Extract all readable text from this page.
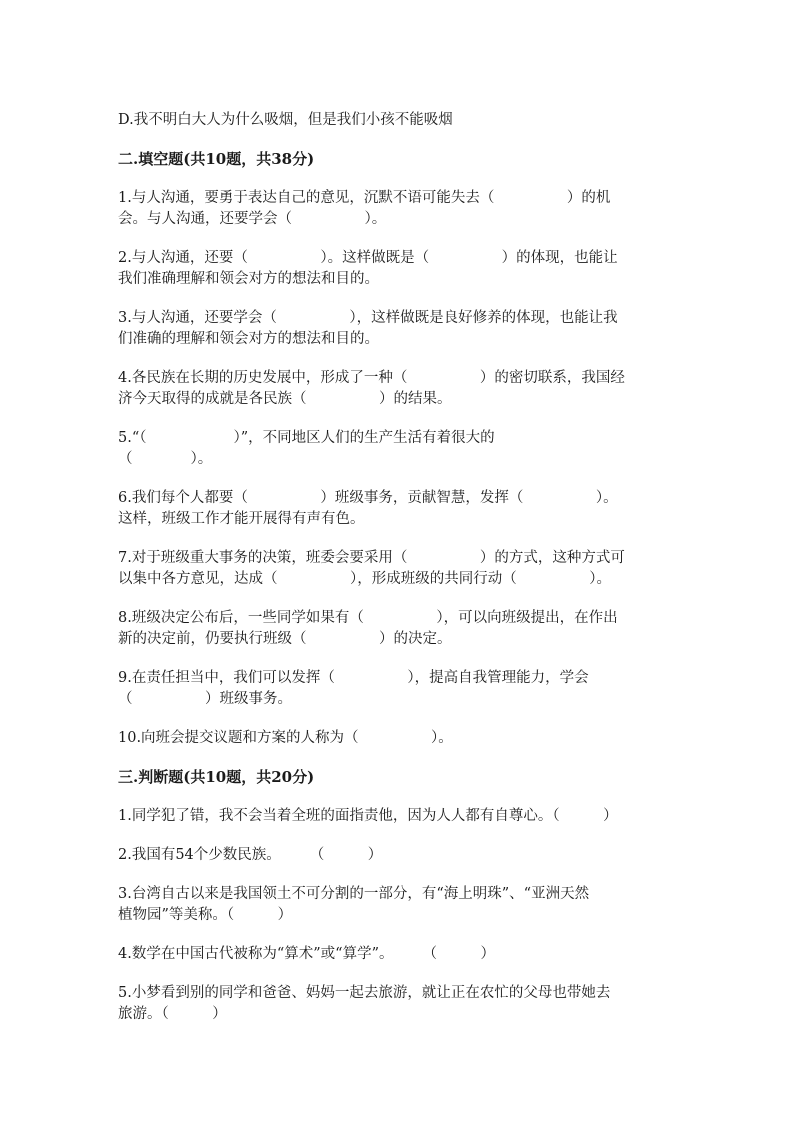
D.我不明白大人为什么吸烟，但是我们小孩不能吸烟
二.填空题(共10题，共38分)
1.与人沟通，要勇于表达自己的意见，沉默不语可能失去（　　　　　）的机
会。与人沟通，还要学会（　　　　　）。
2.与人沟通，还要（　　　　　）。这样做既是（　　　　　）的体现，也能让
我们准确理解和领会对方的想法和目的。
3.与人沟通，还要学会（　　　　　），这样做既是良好修养的体现，也能让我
们准确的理解和领会对方的想法和目的。
4.各民族在长期的历史发展中，形成了一种（　　　　　）的密切联系，我国经
济今天取得的成就是各民族（　　　　　）的结果。
5.“（　　　　　　）”，不同地区人们的生产生活有着很大的
（　　　　）。
6.我们每个人都要（　　　　　）班级事务，贡献智慧，发挥（　　　　　）。
这样，班级工作才能开展得有声有色。
7.对于班级重大事务的决策，班委会要采用（　　　　　）的方式，这种方式可
以集中各方意见，达成（　　　　　），形成班级的共同行动（　　　　　）。
8.班级决定公布后，一些同学如果有（　　　　　），可以向班级提出，在作出
新的决定前，仍要执行班级（　　　　　）的决定。
9.在责任担当中，我们可以发挥（　　　　　），提高自我管理能力，学会
（　　　　　）班级事务。
10.向班会提交议题和方案的人称为（　　　　　）。
三.判断题(共10题，共20分)
1.同学犯了错，我不会当着全班的面指责他，因为人人都有自尊心。（　　　）
2.我国有54个少数民族。　　　（　　　）
3.台湾自古以来是我国领土不可分割的一部分，有“海上明珠”、“亚洲天然
植物园”等美称。（　　　）
4.数学在中国古代被称为“算术”或“算学”。　　　（　　　）
5.小梦看到别的同学和爸爸、妈妈一起去旅游，就让正在农忙的父母也带她去
旅游。（　　　）
